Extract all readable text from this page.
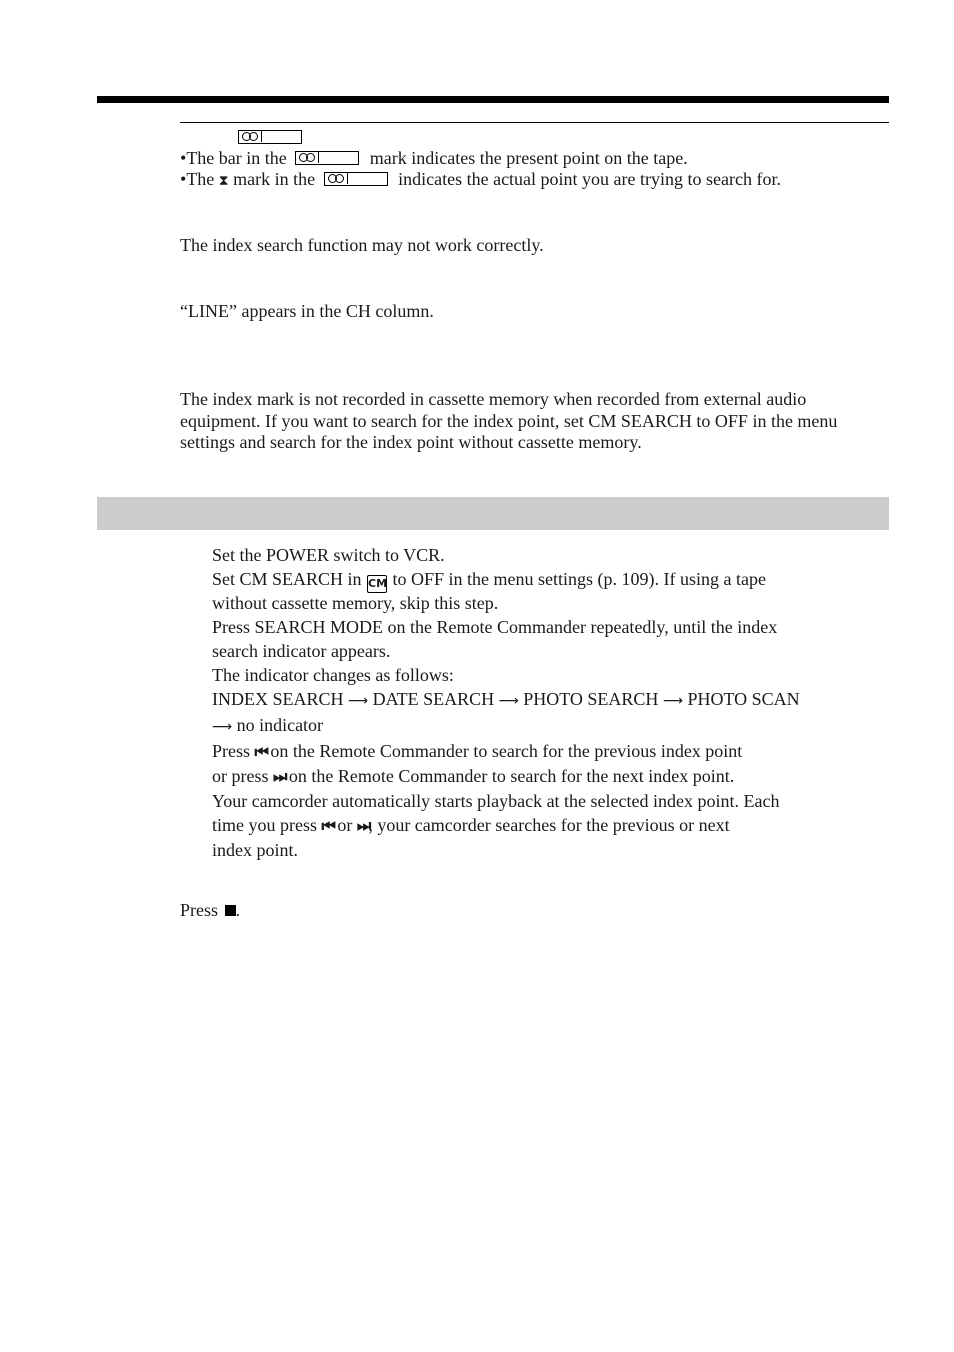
•The bar in the	mark indicates the present point on the tape.
•The ⧗ mark in the	indicates the actual point you are trying to search for.
The index search function may not work correctly.
“LINE” appears in the CH column.
The index mark is not recorded in cassette memory when recorded from external audio equipment. If you want to search for the index point, set CM SEARCH to OFF in the menu settings and search for the index point without cassette memory.
Set the POWER switch to VCR.
Set CM SEARCH in CM to OFF in the menu settings (p. 109). If using a tape
without cassette memory, skip this step.
Press SEARCH MODE on the Remote Commander repeatedly, until the index
search indicator appears.
The indicator changes as follows:
INDEX SEARCH ⟶ DATE SEARCH ⟶ PHOTO SEARCH ⟶ PHOTO SCAN
⟶ no indicator
Press ⏮ on the Remote Commander to search for the previous index point
or press ⏭ on the Remote Commander to search for the next index point.
Your camcorder automatically starts playback at the selected index point. Each
time you press ⏮ or ⏭, your camcorder searches for the previous or next
index point.
Press .
